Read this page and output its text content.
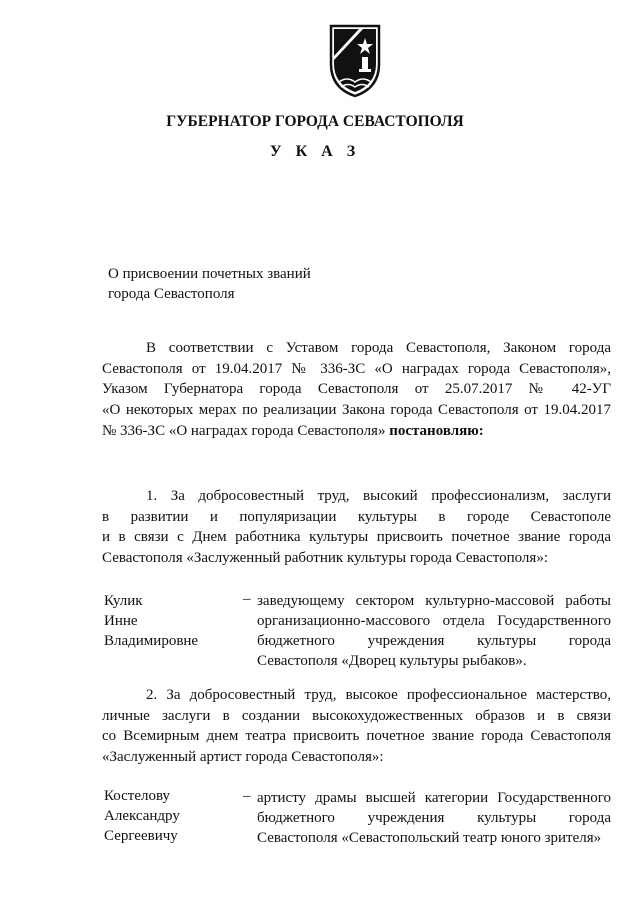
ГУБЕРНАТОР ГОРОДА СЕВАСТОПОЛЯ
У К А З
О присвоении почетных званий
города Севастополя
В соответствии с Уставом города Севастополя, Законом города
Севастополя от 19.04.2017 № 336-ЗС «О наградах города Севастополя»,
Указом Губернатора города Севастополя от 25.07.2017 № 42-УГ
«О некоторых мерах по реализации Закона города Севастополя от 19.04.2017
№ 336-ЗС «О наградах города Севастополя» постановляю:
1. За добросовестный труд, высокий профессионализм, заслуги
в развитии и популяризации культуры в городе Севастополе
и в связи с Днем работника культуры присвоить почетное звание города
Севастополя «Заслуженный работник культуры города Севастополя»:
Кулик
Инне
Владимировне
– заведующему сектором культурно-массовой работы
организационно-массового отдела Государственного
бюджетного учреждения культуры города
Севастополя «Дворец культуры рыбаков».
2. За добросовестный труд, высокое профессиональное мастерство,
личные заслуги в создании высокохудожественных образов и в связи
со Всемирным днем театра присвоить почетное звание города Севастополя
«Заслуженный артист города Севастополя»:
Костелову
Александру
Сергеевичу
– артисту драмы высшей категории Государственного
бюджетного учреждения культуры города
Севастополя «Севастопольский театр юного зрителя»
